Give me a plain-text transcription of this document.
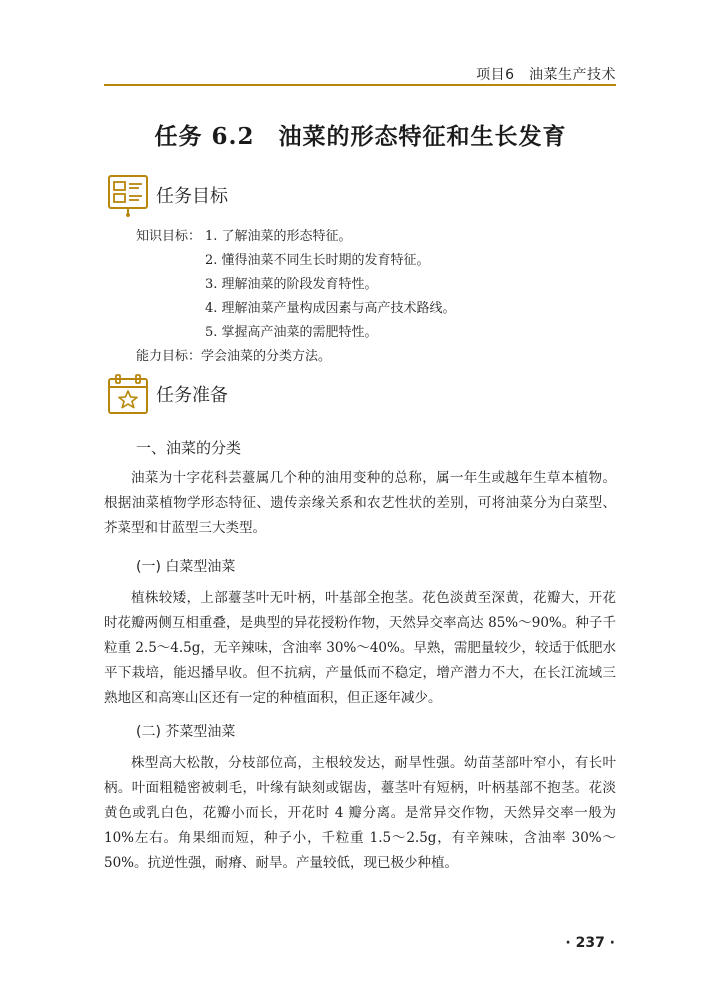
项目6　油菜生产技术
任务 6.2　油菜的形态特征和生长发育
任务目标
知识目标： 1. 了解油菜的形态特征。
2. 懂得油菜不同生长时期的发育特征。
3. 理解油菜的阶段发育特性。
4. 理解油菜产量构成因素与高产技术路线。
5. 掌握高产油菜的需肥特性。
能力目标：学会油菜的分类方法。
任务准备
一、油菜的分类

油菜为十字花科芸薹属几个种的油用变种的总称，属一年生或越年生草本植物。根据油菜植物学形态特征、遗传亲缘关系和农艺性状的差别，可将油菜分为白菜型、芥菜型和甘蓝型三大类型。

(一) 白菜型油菜

植株较矮，上部薹茎叶无叶柄，叶基部全抱茎。花色淡黄至深黄，花瓣大，开花时花瓣两侧互相重叠，是典型的异花授粉作物，天然异交率高达 85%～90%。种子千粒重 2.5～4.5g，无辛辣味，含油率 30%～40%。早熟，需肥量较少，较适于低肥水平下栽培，能迟播早收。但不抗病，产量低而不稳定，增产潜力不大，在长江流域三熟地区和高寒山区还有一定的种植面积，但正逐年减少。

(二) 芥菜型油菜

株型高大松散，分枝部位高，主根较发达，耐旱性强。幼苗茎部叶窄小，有长叶柄。叶面粗糙密被刺毛，叶缘有缺刻或锯齿，薹茎叶有短柄，叶柄基部不抱茎。花淡黄色或乳白色，花瓣小而长，开花时 4 瓣分离。是常异交作物，天然异交率一般为 10%左右。角果细而短，种子小，千粒重 1.5～2.5g，有辛辣味，含油率 30%～50%。抗逆性强，耐瘠、耐旱。产量较低，现已极少种植。

· 237 ·
